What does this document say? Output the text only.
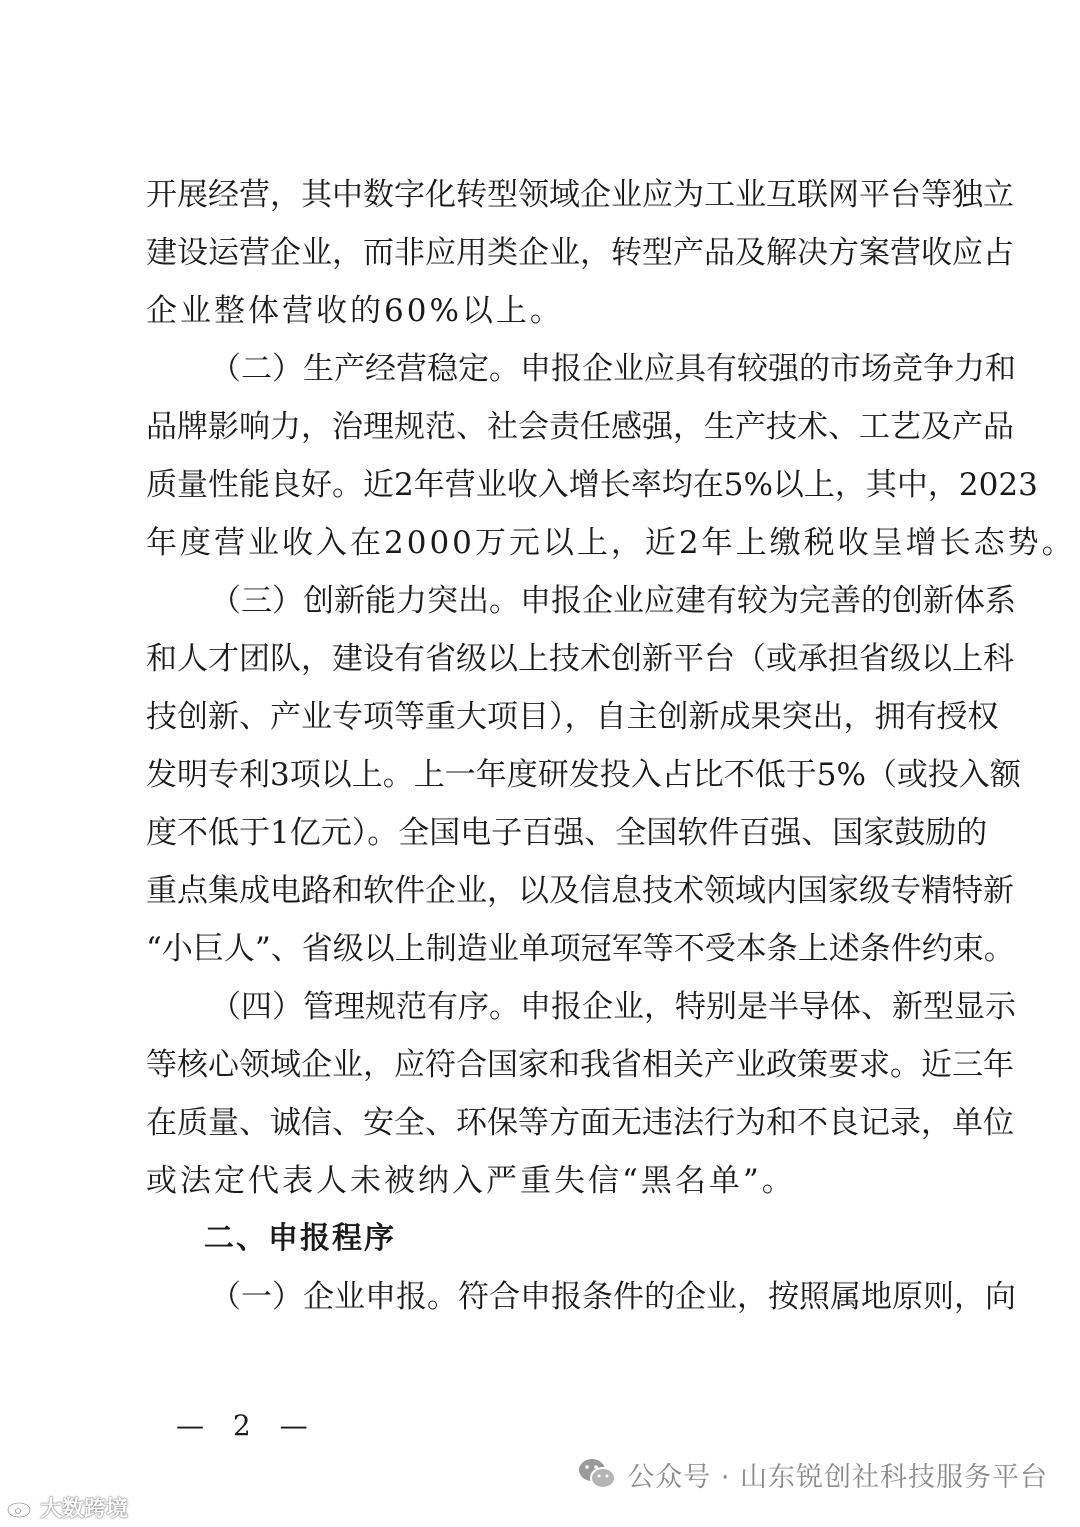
开展经营，其中数字化转型领域企业应为工业互联网平台等独立
建设运营企业，而非应用类企业，转型产品及解决方案营收应占
企业整体营收的60%以上。
（二）生产经营稳定。申报企业应具有较强的市场竞争力和
品牌影响力，治理规范、社会责任感强，生产技术、工艺及产品
质量性能良好。近2年营业收入增长率均在5%以上，其中，2023
年度营业收入在2000万元以上，近2年上缴税收呈增长态势。
（三）创新能力突出。申报企业应建有较为完善的创新体系
和人才团队，建设有省级以上技术创新平台（或承担省级以上科
技创新、产业专项等重大项目），自主创新成果突出，拥有授权
发明专利3项以上。上一年度研发投入占比不低于5%（或投入额
度不低于1亿元）。全国电子百强、全国软件百强、国家鼓励的
重点集成电路和软件企业，以及信息技术领域内国家级专精特新
“小巨人”、省级以上制造业单项冠军等不受本条上述条件约束。
（四）管理规范有序。申报企业，特别是半导体、新型显示
等核心领域企业，应符合国家和我省相关产业政策要求。近三年
在质量、诚信、安全、环保等方面无违法行为和不良记录，单位
或法定代表人未被纳入严重失信“黑名单”。
二、申报程序
（一）企业申报。符合申报条件的企业，按照属地原则，向
— 2 —
公众号 · 山东锐创社科技服务平台
大数跨境
